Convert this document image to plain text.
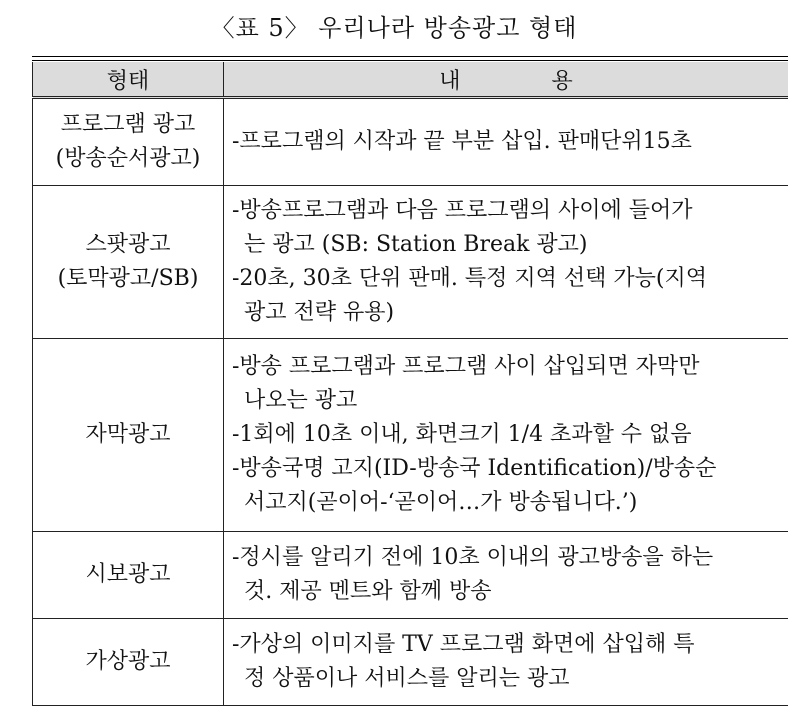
〈표 5〉 우리나라 방송광고 형태
형태	내 용

프로그램 광고
(방송순서광고)	-프로그램의 시작과 끝 부분 삽입. 판매단위15초

스팟광고
(토막광고/SB)	-방송프로그램과 다음 프로그램의 사이에 들어가
는 광고 (SB: Station Break 광고)
-20초, 30초 단위 판매. 특정 지역 선택 가능(지역
광고 전략 유용)

자막광고	-방송 프로그램과 프로그램 사이 삽입되면 자막만
나오는 광고
-1회에 10초 이내, 화면크기 1/4 초과할 수 없음
-방송국명 고지(ID-방송국 Identification)/방송순
서고지(곧이어-‘곧이어…가 방송됩니다.’)

시보광고	-정시를 알리기 전에 10초 이내의 광고방송을 하는
것. 제공 멘트와 함께 방송

가상광고	-가상의 이미지를 TV 프로그램 화면에 삽입해 특
정 상품이나 서비스를 알리는 광고
